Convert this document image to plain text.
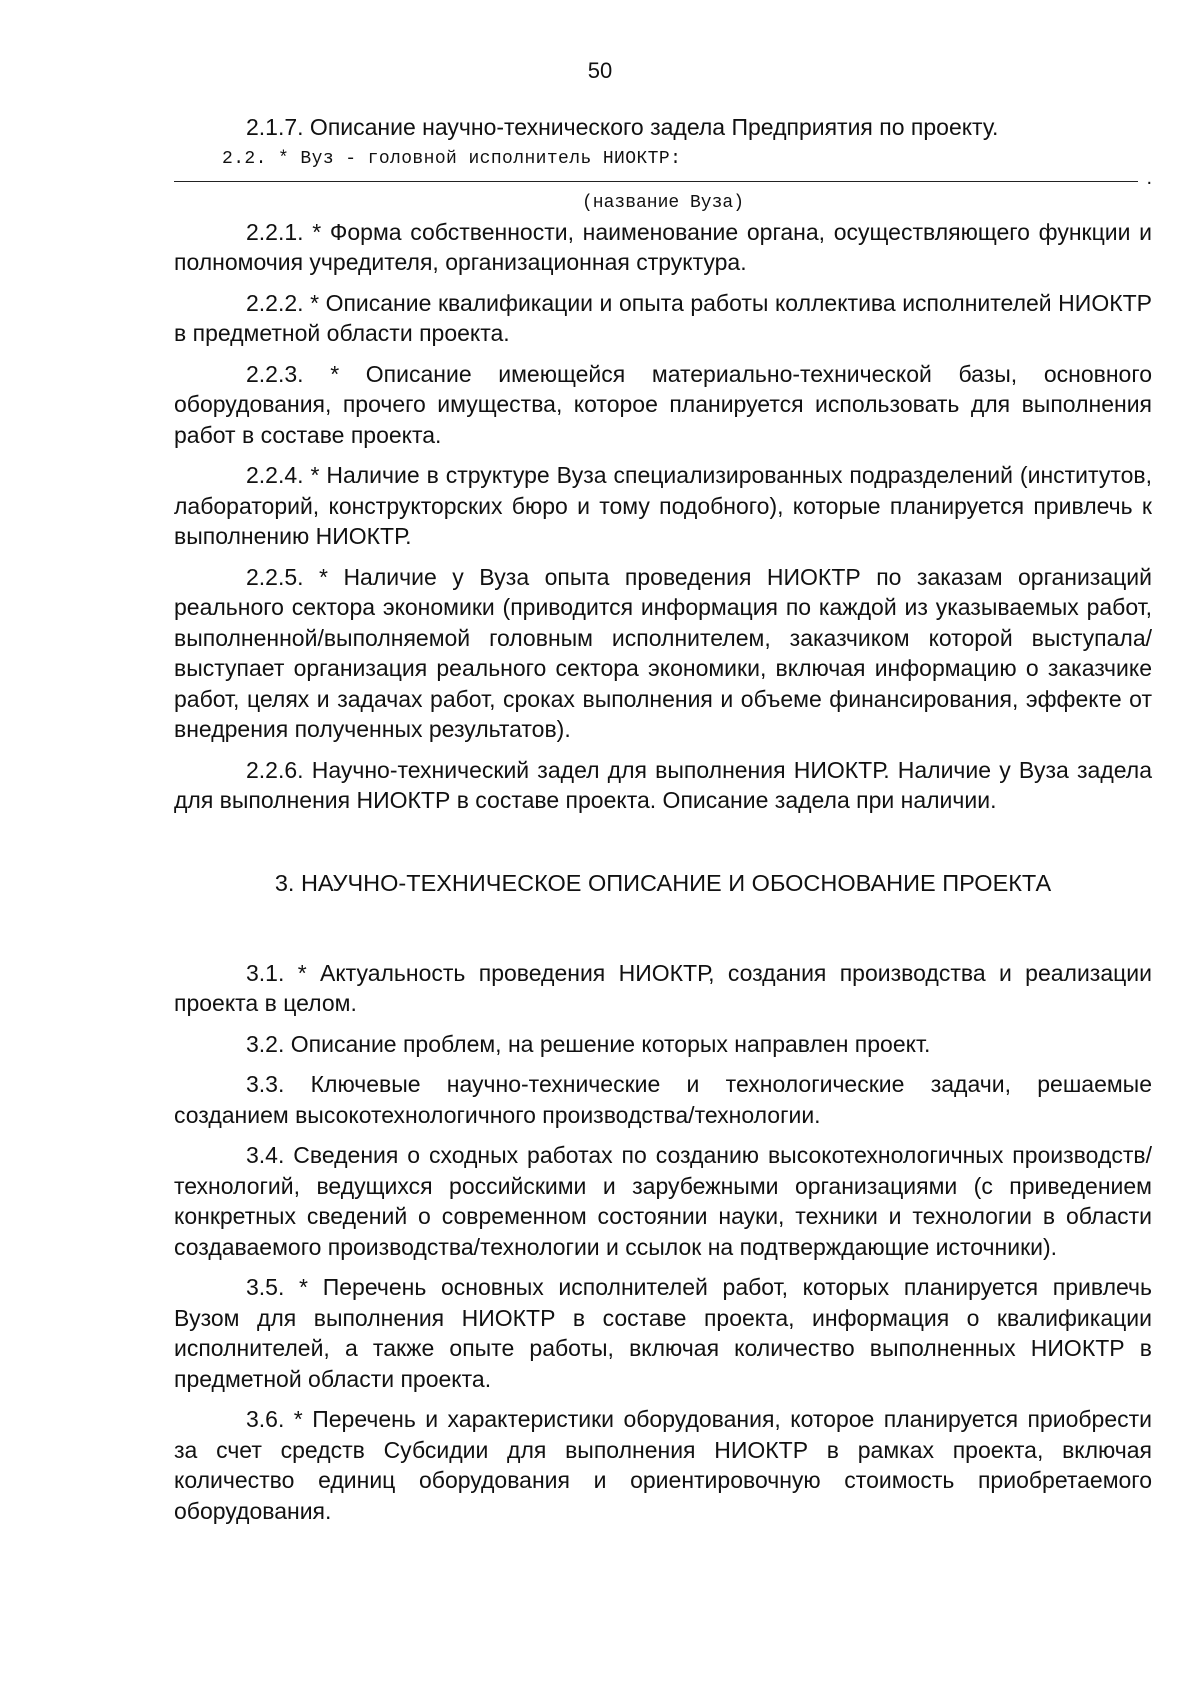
50

2.1.7. Описание научно-технического задела Предприятия по проекту.

2.2. * Вуз - головной исполнитель НИОКТР:

.

(название Вуза)

2.2.1. * Форма собственности, наименование органа, осуществляющего функции и полномочия учредителя, организационная структура.

2.2.2. * Описание квалификации и опыта работы коллектива исполнителей НИОКТР в предметной области проекта.

2.2.3. * Описание имеющейся материально-технической базы, основного оборудования, прочего имущества, которое планируется использовать для выполнения работ в составе проекта.

2.2.4. * Наличие в структуре Вуза специализированных подразделений (институтов, лабораторий, конструкторских бюро и тому подобного), которые планируется привлечь к выполнению НИОКТР.

2.2.5. * Наличие у Вуза опыта проведения НИОКТР по заказам организаций реального сектора экономики (приводится информация по каждой из указываемых работ, выполненной/выполняемой головным исполнителем, заказчиком которой выступала/выступает организация реального сектора экономики, включая информацию о заказчике работ, целях и задачах работ, сроках выполнения и объеме финансирования, эффекте от внедрения полученных результатов).

2.2.6. Научно-технический задел для выполнения НИОКТР. Наличие у Вуза задела для выполнения НИОКТР в составе проекта. Описание задела при наличии.

3. НАУЧНО-ТЕХНИЧЕСКОЕ ОПИСАНИЕ И ОБОСНОВАНИЕ ПРОЕКТА

3.1. * Актуальность проведения НИОКТР, создания производства и реализации проекта в целом.

3.2. Описание проблем, на решение которых направлен проект.

3.3. Ключевые научно-технические и технологические задачи, решаемые созданием высокотехнологичного производства/технологии.

3.4. Сведения о сходных работах по созданию высокотехнологичных производств/технологий, ведущихся российскими и зарубежными организациями (с приведением конкретных сведений о современном состоянии науки, техники и технологии в области создаваемого производства/технологии и ссылок на подтверждающие источники).

3.5. * Перечень основных исполнителей работ, которых планируется привлечь Вузом для выполнения НИОКТР в составе проекта, информация о квалификации исполнителей, а также опыте работы, включая количество выполненных НИОКТР в предметной области проекта.

3.6. * Перечень и характеристики оборудования, которое планируется приобрести за счет средств Субсидии для выполнения НИОКТР в рамках проекта, включая количество единиц оборудования и ориентировочную стоимость приобретаемого оборудования.
